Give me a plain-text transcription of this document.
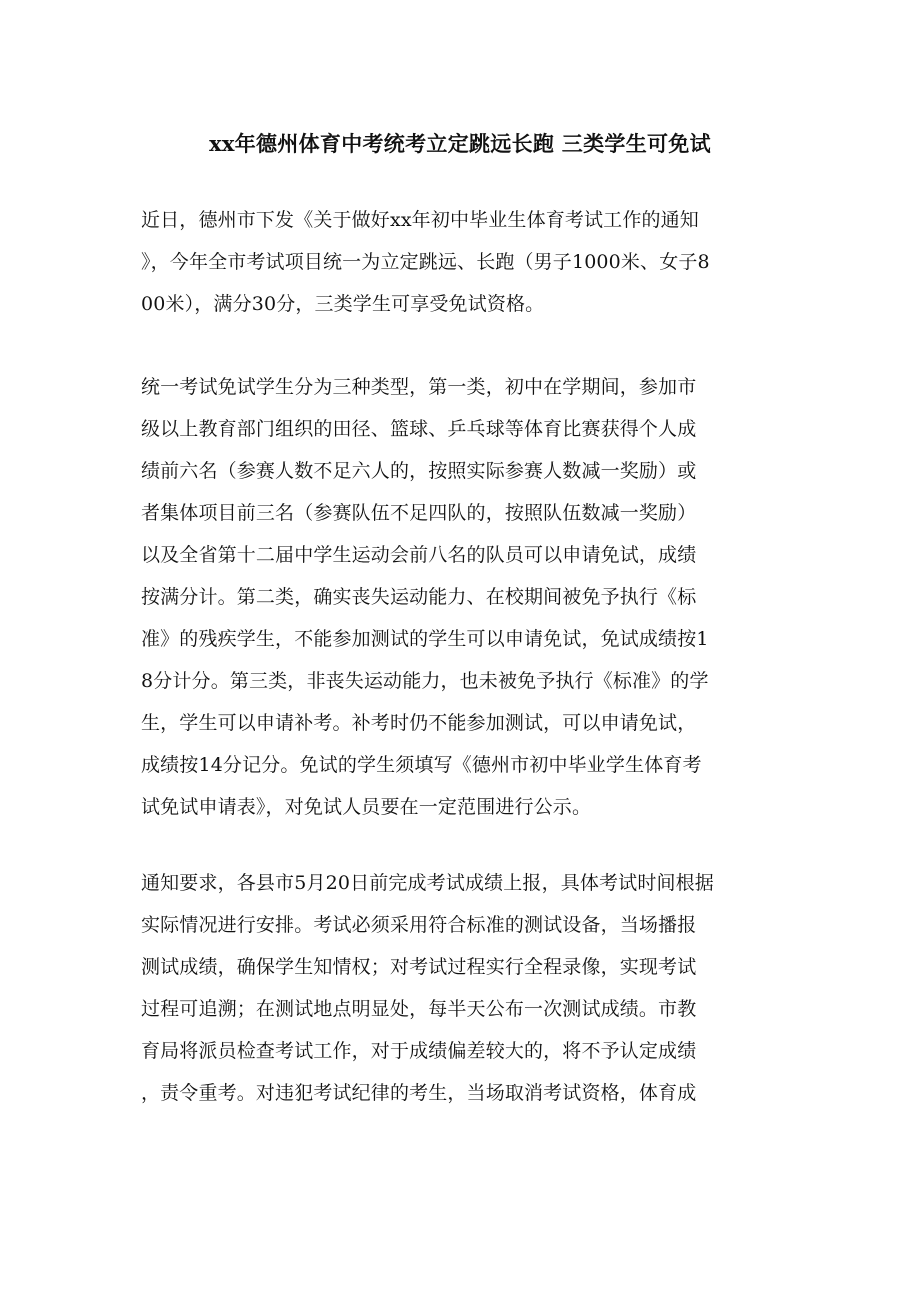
xx年德州体育中考统考立定跳远长跑 三类学生可免试
近日，德州市下发《关于做好xx年初中毕业生体育考试工作的通知
》，今年全市考试项目统一为立定跳远、长跑（男子1000米、女子8
00米），满分30分，三类学生可享受免试资格。
统一考试免试学生分为三种类型，第一类，初中在学期间，参加市
级以上教育部门组织的田径、篮球、乒乓球等体育比赛获得个人成
绩前六名（参赛人数不足六人的，按照实际参赛人数减一奖励）或
者集体项目前三名（参赛队伍不足四队的，按照队伍数减一奖励）
以及全省第十二届中学生运动会前八名的队员可以申请免试，成绩
按满分计。第二类，确实丧失运动能力、在校期间被免予执行《标
准》的残疾学生，不能参加测试的学生可以申请免试，免试成绩按1
8分计分。第三类，非丧失运动能力，也未被免予执行《标准》的学
生，学生可以申请补考。补考时仍不能参加测试，可以申请免试，
成绩按14分记分。免试的学生须填写《德州市初中毕业学生体育考
试免试申请表》，对免试人员要在一定范围进行公示。
通知要求，各县市5月20日前完成考试成绩上报，具体考试时间根据
实际情况进行安排。考试必须采用符合标准的测试设备，当场播报
测试成绩，确保学生知情权；对考试过程实行全程录像，实现考试
过程可追溯；在测试地点明显处，每半天公布一次测试成绩。市教
育局将派员检查考试工作，对于成绩偏差较大的，将不予认定成绩
，责令重考。对违犯考试纪律的考生，当场取消考试资格，体育成
